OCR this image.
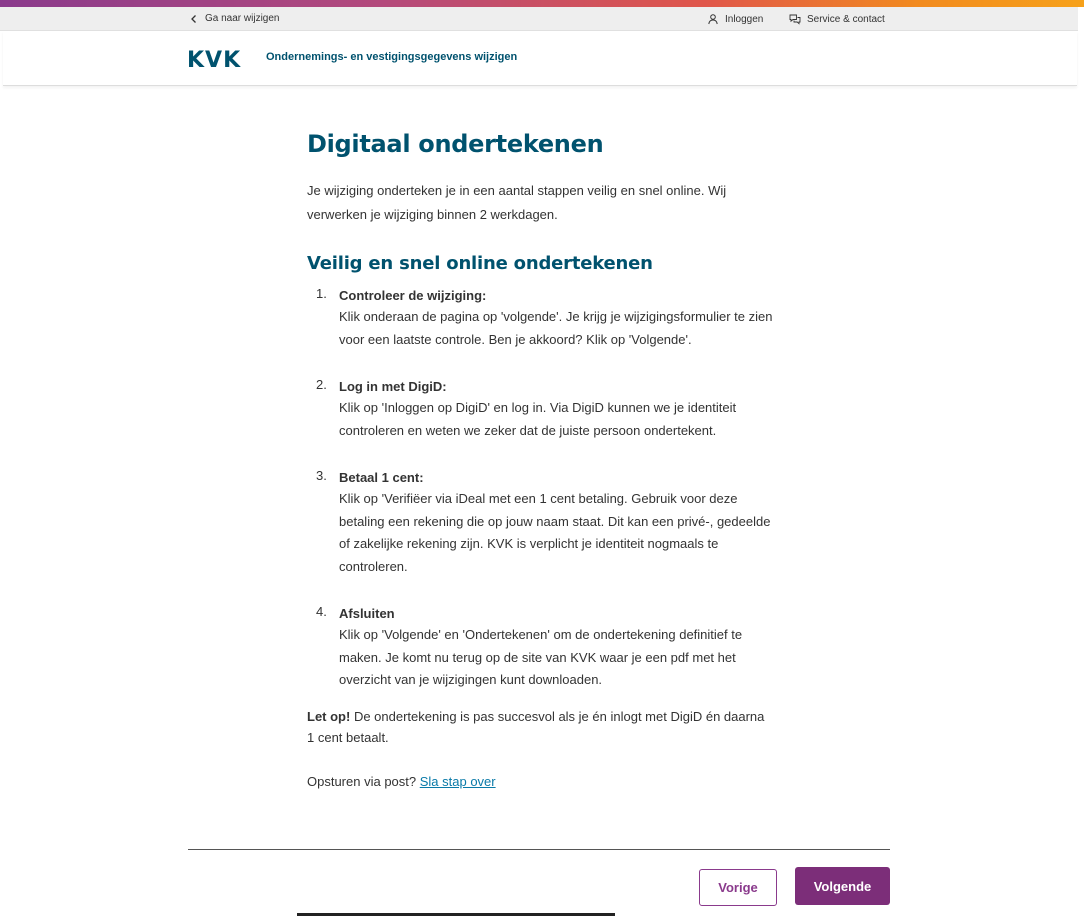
Ga naar wijzigen	Inloggen	Service & contact
KVK Ondernemings- en vestigingsgegevens wijzigen
Digitaal ondertekenen

Je wijziging onderteken je in een aantal stappen veilig en snel online. Wij verwerken je wijziging binnen 2 werkdagen.

Veilig en snel online ondertekenen
1. Controleer de wijziging:
Klik onderaan de pagina op 'volgende'. Je krijg je wijzigingsformulier te zien voor een laatste controle. Ben je akkoord? Klik op 'Volgende'.
2. Log in met DigiD:
Klik op 'Inloggen op DigiD' en log in. Via DigiD kunnen we je identiteit controleren en weten we zeker dat de juiste persoon ondertekent.
3. Betaal 1 cent:
Klik op 'Verifiëer via iDeal met een 1 cent betaling. Gebruik voor deze betaling een rekening die op jouw naam staat. Dit kan een privé-, gedeelde of zakelijke rekening zijn. KVK is verplicht je identiteit nogmaals te controleren.
4. Afsluiten
Klik op 'Volgende' en 'Ondertekenen' om de ondertekening definitief te maken. Je komt nu terug op de site van KVK waar je een pdf met het overzicht van je wijzigingen kunt downloaden.

Let op! De ondertekening is pas succesvol als je én inlogt met DigiD én daarna 1 cent betaalt.

Opsturen via post? Sla stap over

Vorige	Volgende
